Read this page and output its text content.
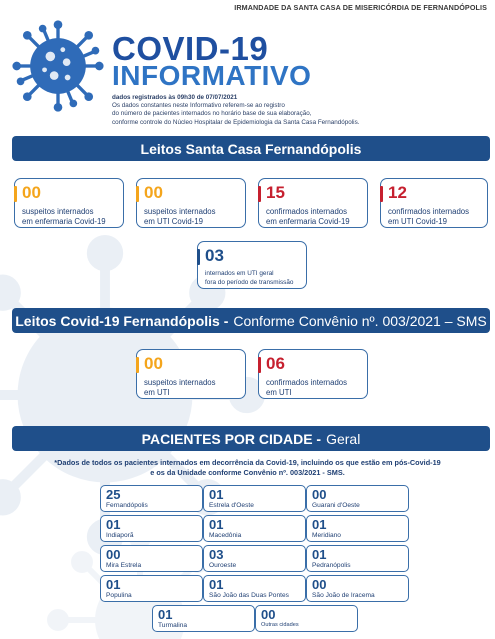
IRMANDADE DA SANTA CASA DE MISERICÓRDIA DE FERNANDÓPOLIS
COVID-19
INFORMATIVO
dados registrados às 09h30 de 07/07/2021
Os dados constantes neste Informativo referem-se ao registro
do número de pacientes internados no horário base de sua elaboração,
conforme controle do Núcleo Hospitalar de Epidemiologia da Santa Casa Fernandópolis.
Leitos Santa Casa Fernandópolis
00
suspeitos internados
em enfermaria Covid-19
00
suspeitos internados
em UTI Covid-19
15
confirmados internados
em enfermaria Covid-19
12
confirmados internados
em UTI Covid-19
03
internados em UTI geral
fora do período de transmissão
Leitos Covid-19 Fernandópolis - Conforme Convênio nº. 003/2021 – SMS
00
suspeitos internados
em UTI
06
confirmados internados
em UTI
PACIENTES POR CIDADE - Geral
*Dados de todos os pacientes internados em decorrência da Covid-19, incluindo os que estão em pós-Covid-19
e os da Unidade conforme Convênio nº. 003/2021 - SMS.
25
Fernandópolis
01
Estrela d'Oeste
00
Guarani d'Oeste
01
Indiaporã
01
Macedônia
01
Meridiano
00
Mira Estrela
03
Ouroeste
01
Pedranópolis
01
Populina
01
São João das Duas Pontes
00
São João de Iracema
01
Turmalina
00
Outras cidades
